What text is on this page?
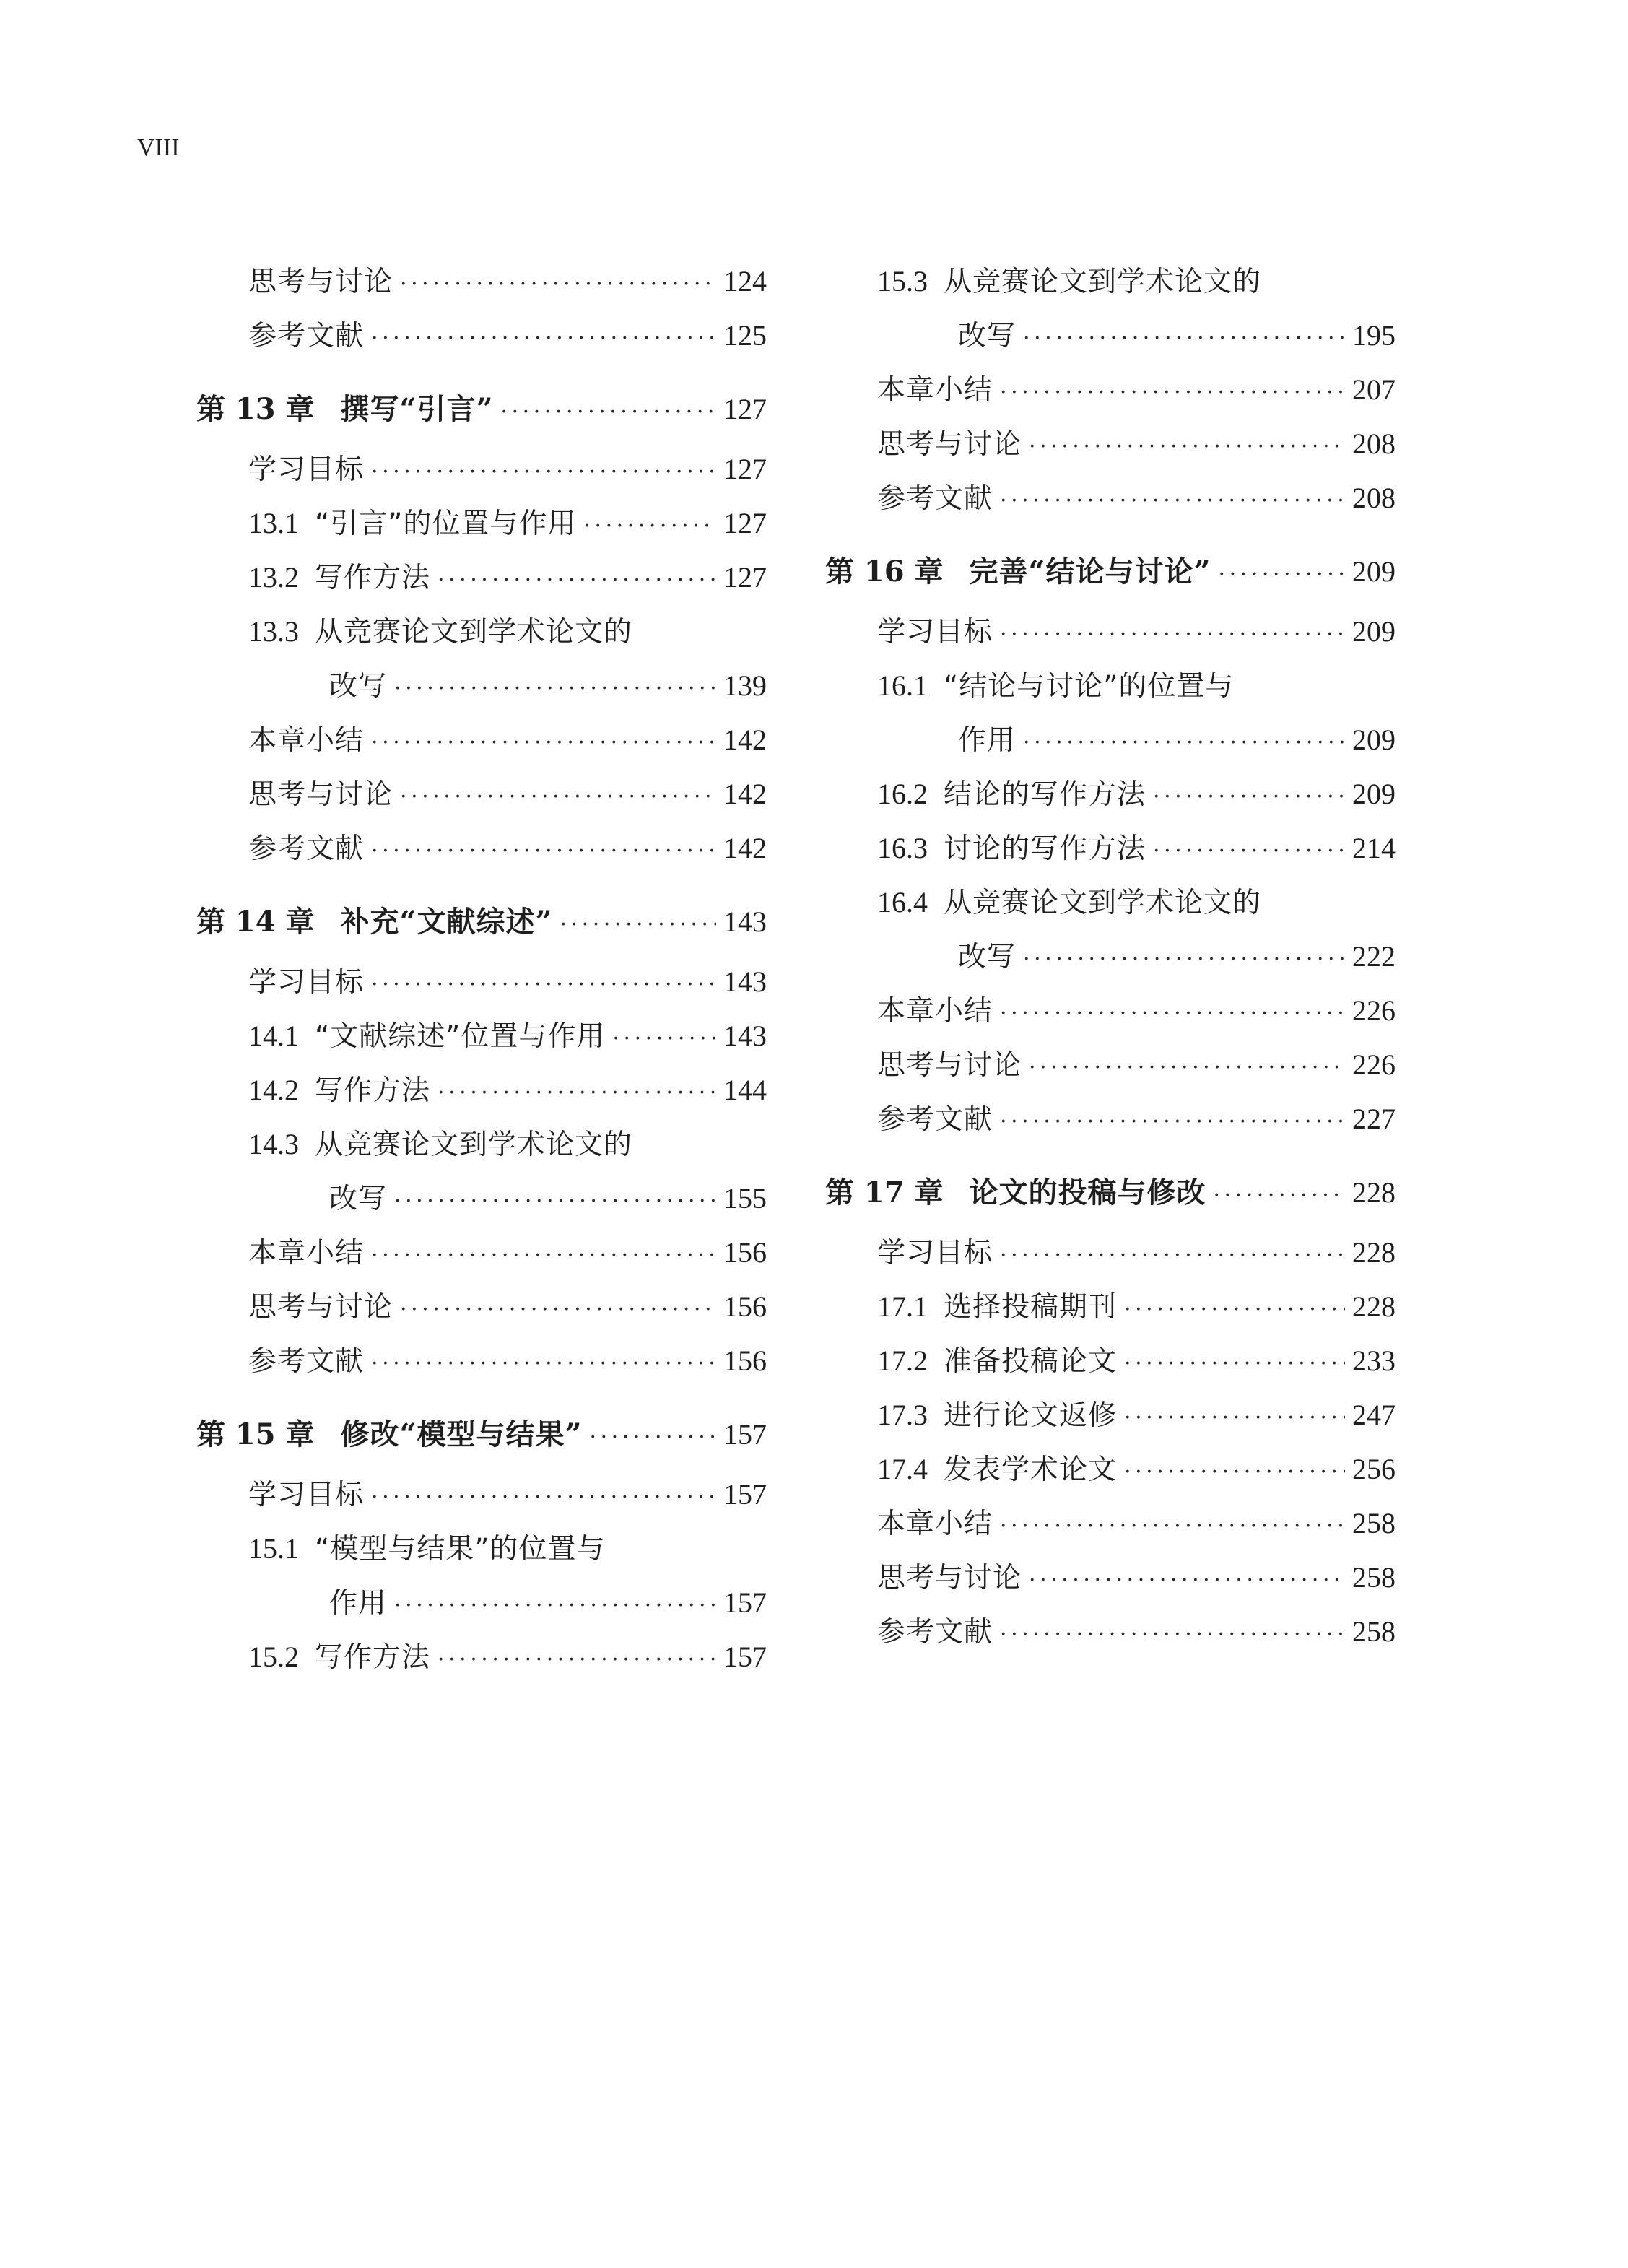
VIII
思考与讨论 · · ·	124
参考文献 · · ·	125
第 13 章 撰写“引言” · · ·	127
学习目标 · · ·	127
13.1 “引言”的位置与作用 · · ·	127
13.2 写作方法 · · ·	127
13.3 从竞赛论文到学术论文的
改写 · · ·	139
本章小结 · · ·	142
思考与讨论 · · ·	142
参考文献 · · ·	142
第 14 章 补充“文献综述” · · ·	143
学习目标 · · ·	143
14.1 “文献综述”位置与作用 · · ·	143
14.2 写作方法 · · ·	144
14.3 从竞赛论文到学术论文的
改写 · · ·	155
本章小结 · · ·	156
思考与讨论 · · ·	156
参考文献 · · ·	156
第 15 章 修改“模型与结果” · · ·	157
学习目标 · · ·	157
15.1 “模型与结果”的位置与
作用 · · ·	157
15.2 写作方法 · · ·	157
15.3 从竞赛论文到学术论文的
改写 · · ·	195
本章小结 · · ·	207
思考与讨论 · · ·	208
参考文献 · · ·	208
第 16 章 完善“结论与讨论” · · ·	209
学习目标 · · ·	209
16.1 “结论与讨论”的位置与
作用 · · ·	209
16.2 结论的写作方法 · · ·	209
16.3 讨论的写作方法 · · ·	214
16.4 从竞赛论文到学术论文的
改写 · · ·	222
本章小结 · · ·	226
思考与讨论 · · ·	226
参考文献 · · ·	227
第 17 章 论文的投稿与修改 · · ·	228
学习目标 · · ·	228
17.1 选择投稿期刊 · · ·	228
17.2 准备投稿论文 · · ·	233
17.3 进行论文返修 · · ·	247
17.4 发表学术论文 · · ·	256
本章小结 · · ·	258
思考与讨论 · · ·	258
参考文献 · · ·	258
